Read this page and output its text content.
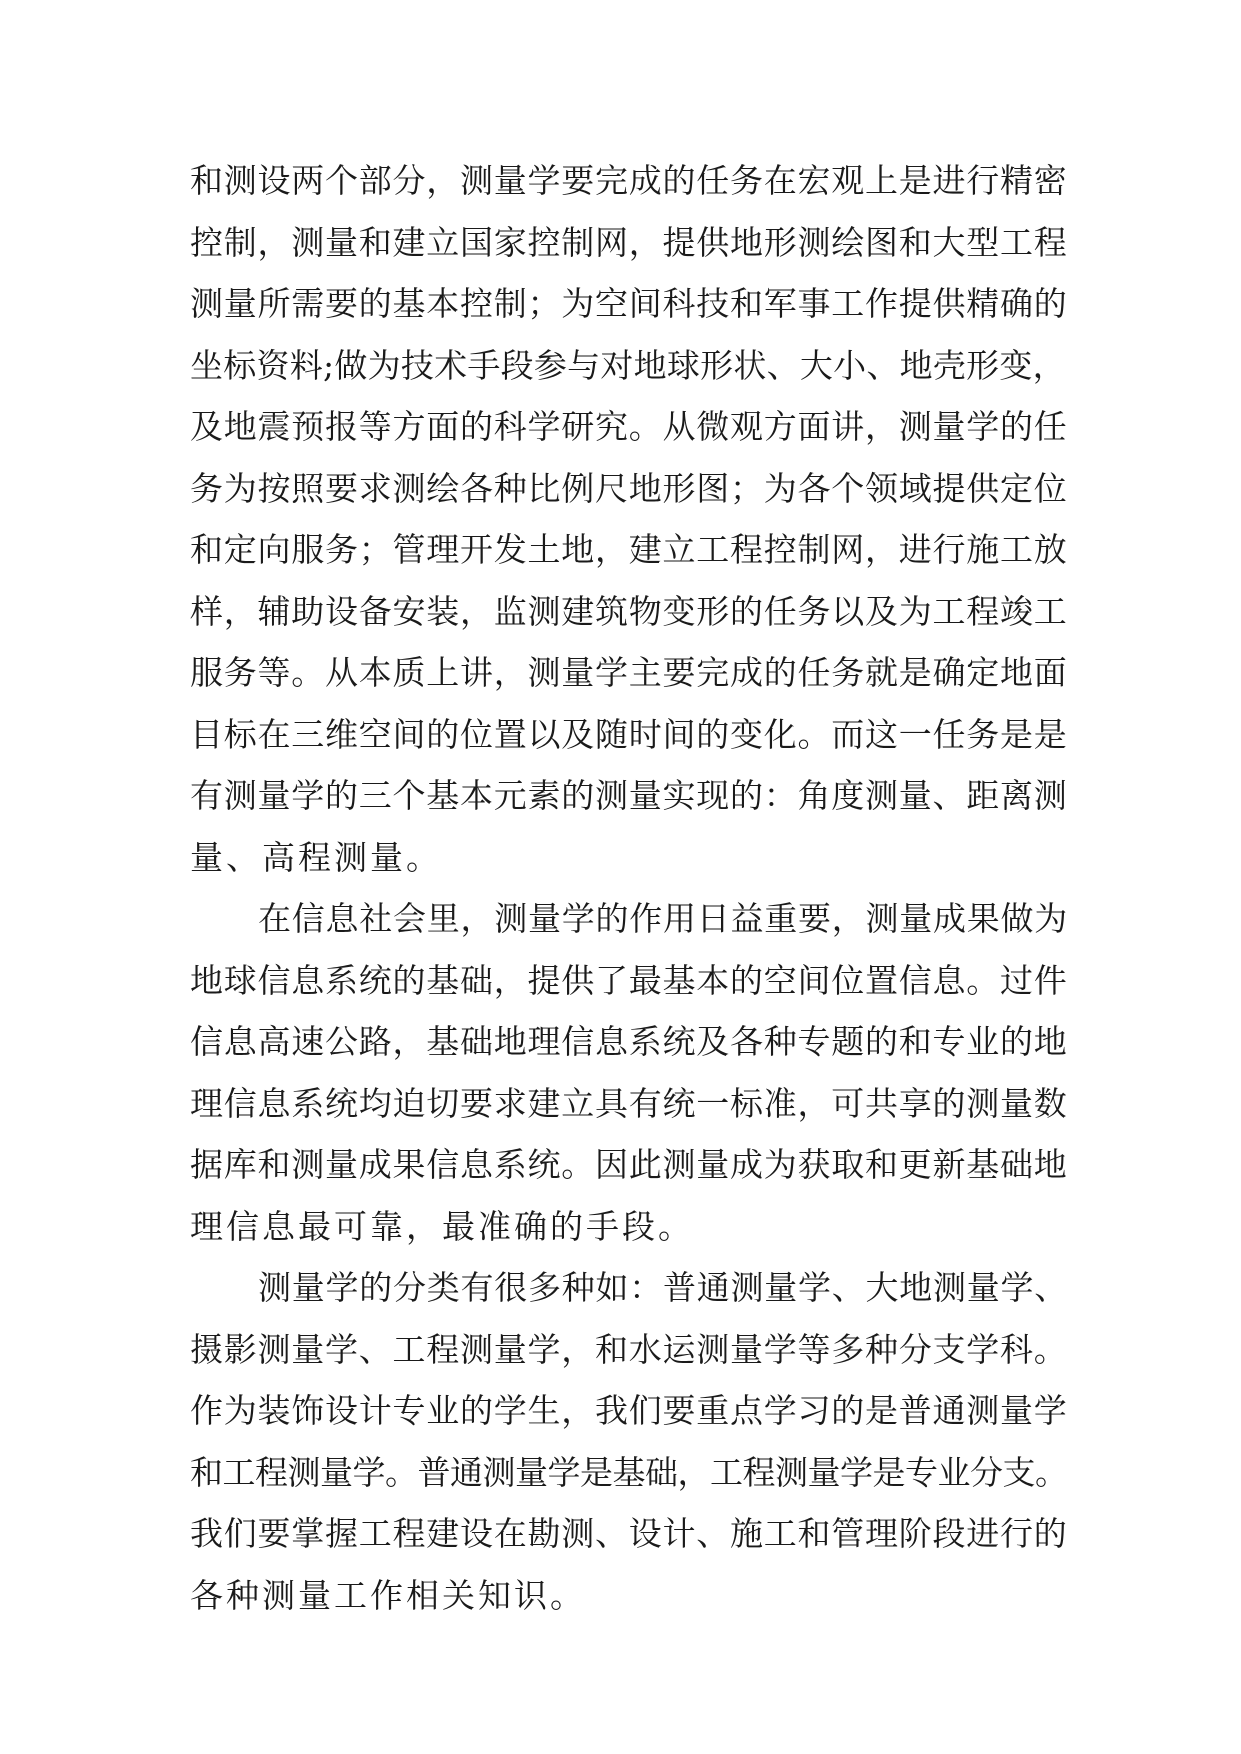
和测设两个部分，测量学要完成的任务在宏观上是进行精密
控制，测量和建立国家控制网，提供地形测绘图和大型工程
测量所需要的基本控制；为空间科技和军事工作提供精确的
坐标资料;做为技术手段参与对地球形状、大小、地壳形变，
及地震预报等方面的科学研究。从微观方面讲，测量学的任
务为按照要求测绘各种比例尺地形图；为各个领域提供定位
和定向服务；管理开发土地，建立工程控制网，进行施工放
样，辅助设备安装，监测建筑物变形的任务以及为工程竣工
服务等。从本质上讲，测量学主要完成的任务就是确定地面
目标在三维空间的位置以及随时间的变化。而这一任务是是
有测量学的三个基本元素的测量实现的：角度测量、距离测
量、高程测量。
在信息社会里，测量学的作用日益重要，测量成果做为
地球信息系统的基础，提供了最基本的空间位置信息。过件
信息高速公路，基础地理信息系统及各种专题的和专业的地
理信息系统均迫切要求建立具有统一标准，可共享的测量数
据库和测量成果信息系统。因此测量成为获取和更新基础地
理信息最可靠，最准确的手段。
测量学的分类有很多种如：普通测量学、大地测量学、
摄影测量学、工程测量学，和水运测量学等多种分支学科。
作为装饰设计专业的学生，我们要重点学习的是普通测量学
和工程测量学。普通测量学是基础，工程测量学是专业分支。
我们要掌握工程建设在勘测、设计、施工和管理阶段进行的
各种测量工作相关知识。
